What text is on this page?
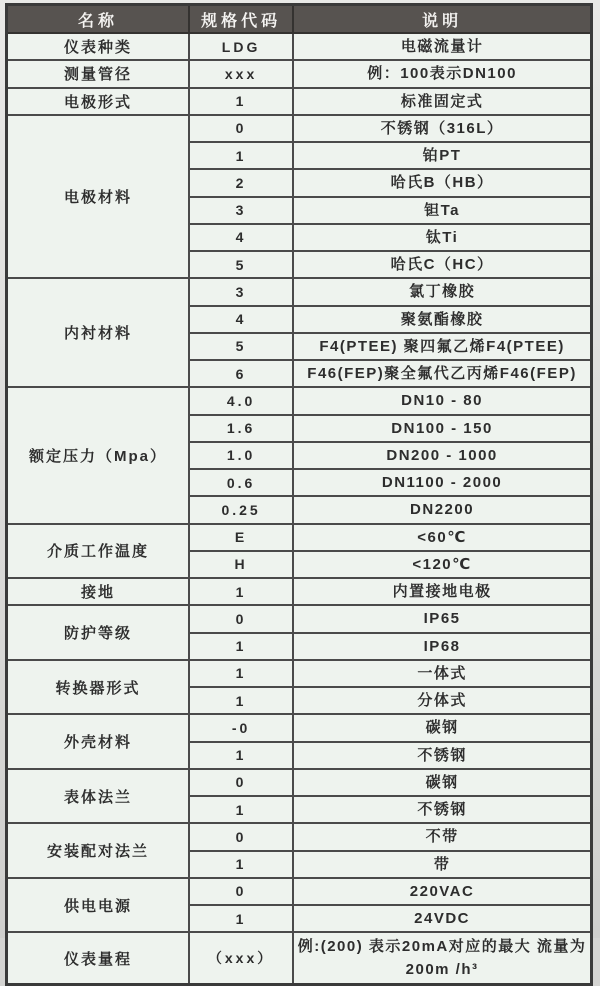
名称	规格代码	说明
仪表种类	LDG	电磁流量计
测量管径	xxx	例：100表示DN100
电极形式	1	标准固定式
电极材料	0	不锈钢（316L）
	1	铂PT
	2	哈氏B（HB）
	3	钽Ta
	4	钛Ti
	5	哈氏C（HC）
内衬材料	3	氯丁橡胶
	4	聚氨酯橡胶
	5	F4(PTEE) 聚四氟乙烯F4(PTEE)
	6	F46(FEP)聚全氟代乙丙烯F46(FEP)
额定压力（Mpa）	4.0	DN10 - 80
	1.6	DN100 - 150
	1.0	DN200 - 1000
	0.6	DN1100 - 2000
	0.25	DN2200
介质工作温度	E	<60℃
	H	<120℃
接地	1	内置接地电极
防护等级	0	IP65
	1	IP68
转换器形式	1	一体式
	1	分体式
外壳材料	-0	碳钢
	1	不锈钢
表体法兰	0	碳钢
	1	不锈钢
安装配对法兰	0	不带
	1	带
供电电源	0	220VAC
	1	24VDC
仪表量程	（xxx）	例:(200) 表示20mA对应的最大 流量为200m /h³
